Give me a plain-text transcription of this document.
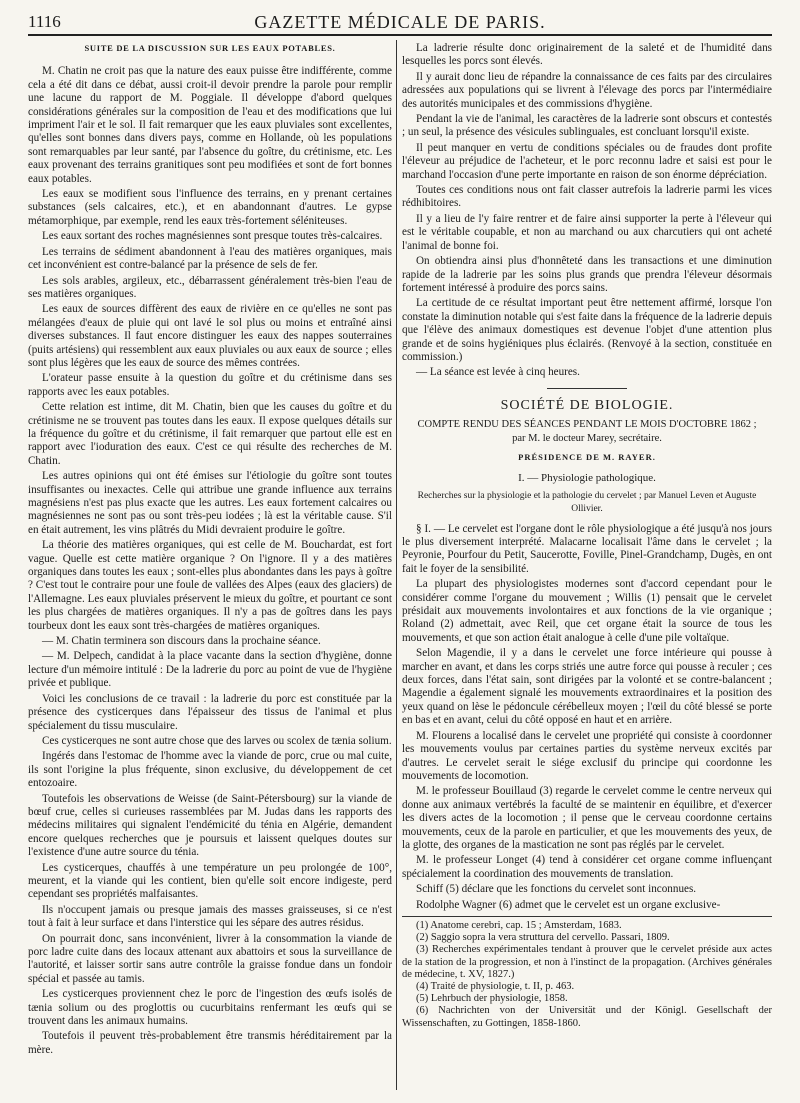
1116	GAZETTE MÉDICALE DE PARIS.
SUITE DE LA DISCUSSION SUR LES EAUX POTABLES.

M. Chatin ne croit pas que la nature des eaux puisse être indifférente, comme cela a été dit dans ce débat, aussi croit-il devoir prendre la parole pour remplir une lacune du rapport de M. Poggiale. Il développe d'abord quelques considérations générales sur la composition de l'eau et des modifications que lui impriment l'air et le sol. Il fait remarquer que les eaux pluviales sont excellentes, qu'elles sont bonnes dans divers pays, comme en Hollande, où les populations sont remarquables par leur santé, par l'absence du goître, du crétinisme, etc. Les eaux provenant des terrains granitiques sont peu modifiées et sont de fort bonnes eaux potables.

Les eaux se modifient sous l'influence des terrains, en y prenant certaines substances (sels calcaires, etc.), et en abandonnant d'autres. Le gypse métamorphique, par exemple, rend les eaux très-fortement séléniteuses.

Les eaux sortant des roches magnésiennes sont presque toutes très-calcaires.

Les terrains de sédiment abandonnent à l'eau des matières organiques, mais cet inconvénient est contre-balancé par la présence de sels de fer.

Les sols arables, argileux, etc., débarrassent généralement très-bien l'eau de ses matières organiques.

Les eaux de sources diffèrent des eaux de rivière en ce qu'elles ne sont pas mélangées d'eaux de pluie qui ont lavé le sol plus ou moins et entraîné ainsi diverses substances. Il faut encore distinguer les eaux des nappes souterraines (puits artésiens) qui ressemblent aux eaux pluviales ou aux eaux de source ; elles sont plus légères que les eaux de source des mêmes contrées.

L'orateur passe ensuite à la question du goître et du crétinisme dans ses rapports avec les eaux potables.

Cette relation est intime, dit M. Chatin, bien que les causes du goître et du crétinisme ne se trouvent pas toutes dans les eaux. Il expose quelques détails sur la fréquence du goître et du crétinisme, il fait remarquer que partout elle est en rapport avec l'ioduration des eaux. C'est ce qui résulte des recherches de M. Chatin.

Les autres opinions qui ont été émises sur l'étiologie du goître sont toutes insuffisantes ou inexactes. Celle qui attribue une grande influence aux terrains magnésiens n'est pas plus exacte que les autres. Les eaux fortement calcaires ou magnésiennes ne sont pas ou sont très-peu iodées ; là est la véritable cause. S'il en était autrement, les vins plâtrés du Midi devraient produire le goître.

La théorie des matières organiques, qui est celle de M. Bouchardat, est fort vague. Quelle est cette matière organique ? On l'ignore. Il y a des matières organiques dans toutes les eaux ; sont-elles plus abondantes dans les pays à goître ? C'est tout le contraire pour une foule de vallées des Alpes (eaux des glaciers) de l'Allemagne. Les eaux pluviales préservent le mieux du goître, et pourtant ce sont les plus chargées de matières organiques. Il n'y a pas de goîtres dans les pays tourbeux dont les eaux sont très-chargées de matières organiques.

— M. Chatin terminera son discours dans la prochaine séance.

— M. Delpech, candidat à la place vacante dans la section d'hygiène, donne lecture d'un mémoire intitulé : De la ladrerie du porc au point de vue de l'hygiène privée et publique.

Voici les conclusions de ce travail : la ladrerie du porc est constituée par la présence des cysticerques dans l'épaisseur des tissus de l'animal et plus spécialement du tissu musculaire.

Ces cysticerques ne sont autre chose que des larves ou scolex de tænia solium.

Ingérés dans l'estomac de l'homme avec la viande de porc, crue ou mal cuite, ils sont l'origine la plus fréquente, sinon exclusive, du développement de cet entozoaire.

Toutefois les observations de Weisse (de Saint-Pétersbourg) sur la viande de bœuf crue, celles si curieuses rassemblées par M. Judas dans les rapports des médecins militaires qui signalent l'endémicité du ténia en Algérie, demandent encore quelques recherches que je poursuis et laissent quelques doutes sur l'existence d'une autre source du ténia.

Les cysticerques, chauffés à une température un peu prolongée de 100°, meurent, et la viande qui les contient, bien qu'elle soit encore indigeste, perd cependant ses propriétés malfaisantes.

Ils n'occupent jamais ou presque jamais des masses graisseuses, si ce n'est tout à fait à leur surface et dans l'interstice qui les sépare des autres résidus.

On pourrait donc, sans inconvénient, livrer à la consommation la viande de porc ladre cuite dans des locaux attenant aux abattoirs et sous la surveillance de l'autorité, et laisser sortir sans autre contrôle la graisse fondue dans un fondoir spécial et passée au tamis.

Les cysticerques proviennent chez le porc de l'ingestion des œufs isolés de tænia solium ou des proglottis ou cucurbitains renfermant les œufs qui se trouvent dans les animaux humains.

Toutefois il peuvent très-probablement être transmis héréditairement par la mère.

La ladrerie résulte donc originairement de la saleté et de l'humidité dans lesquelles les porcs sont élevés.

Il y aurait donc lieu de répandre la connaissance de ces faits par des circulaires adressées aux populations qui se livrent à l'élevage des porcs par l'intermédiaire des autorités municipales et des commissions d'hygiène.

Pendant la vie de l'animal, les caractères de la ladrerie sont obscurs et contestés ; un seul, la présence des vésicules sublinguales, est concluant lorsqu'il existe.

Il peut manquer en vertu de conditions spéciales ou de fraudes dont profite l'éleveur au préjudice de l'acheteur, et le porc reconnu ladre et saisi est pour le marchand l'occasion d'une perte importante en raison de son énorme dépréciation.

Toutes ces conditions nous ont fait classer autrefois la ladrerie parmi les vices rédhibitoires.

Il y a lieu de l'y faire rentrer et de faire ainsi supporter la perte à l'éleveur qui est le véritable coupable, et non au marchand ou aux charcutiers qui ont acheté l'animal de bonne foi.

On obtiendra ainsi plus d'honnêteté dans les transactions et une diminution rapide de la ladrerie par les soins plus grands que prendra l'éleveur désormais fortement intéressé à produire des porcs sains.

La certitude de ce résultat important peut être nettement affirmé, lorsque l'on constate la diminution notable qui s'est faite dans la fréquence de la ladrerie depuis que l'élève des animaux domestiques est devenue l'objet d'une attention plus grande et de soins hygiéniques plus éclairés. (Renvoyé à la section, constituée en commission.)

— La séance est levée à cinq heures.

SOCIÉTÉ DE BIOLOGIE.
COMPTE RENDU DES SÉANCES PENDANT LE MOIS D'OCTOBRE 1862 ;
par M. le docteur Marey, secrétaire.
PRÉSIDENCE DE M. RAYER.
I. — Physiologie pathologique.
Recherches sur la physiologie et la pathologie du cervelet ; par Manuel Leven et Auguste Ollivier.

§ I. — Le cervelet est l'organe dont le rôle physiologique a été jusqu'à nos jours le plus diversement interprété. Malacarne localisait l'âme dans le cervelet ; la Peyronie, Pourfour du Petit, Saucerotte, Foville, Pinel-Grandchamp, Dugès, en ont fait le foyer de la sensibilité.

La plupart des physiologistes modernes sont d'accord cependant pour le considérer comme l'organe du mouvement ; Willis (1) pensait que le cervelet présidait aux mouvements involontaires et aux fonctions de la vie organique ; Roland (2) admettait, avec Reil, que cet organe était la source de tous les mouvements, et que son action était analogue à celle d'une pile voltaïque.

Selon Magendie, il y a dans le cervelet une force intérieure qui pousse à marcher en avant, et dans les corps striés une autre force qui pousse à reculer ; ces deux forces, dans l'état sain, sont dirigées par la volonté et se contre-balancent ; Magendie a également signalé les mouvements extraordinaires et la position des yeux quand on lèse le pédoncule cérébelleux moyen ; l'œil du côté blessé se porte en bas et en avant, celui du côté opposé en haut et en arrière.

M. Flourens a localisé dans le cervelet une propriété qui consiste à coordonner les mouvements voulus par certaines parties du système nerveux excités par d'autres. Le cervelet serait le siége exclusif du principe qui coordonne les mouvements de locomotion.

M. le professeur Bouillaud (3) regarde le cervelet comme le centre nerveux qui donne aux animaux vertébrés la faculté de se maintenir en équilibre, et d'exercer les divers actes de la locomotion ; il pense que le cerveau coordonne certains mouvements, ceux de la parole en particulier, et que les mouvements des yeux, de la glotte, des organes de la mastication ne sont pas réglés par le cervelet.

M. le professeur Longet (4) tend à considérer cet organe comme influençant spécialement la coordination des mouvements de translation.

Schiff (5) déclare que les fonctions du cervelet sont inconnues.

Rodolphe Wagner (6) admet que le cervelet est un organe exclusive-

(1) Anatome cerebri, cap. 15 ; Amsterdam, 1683.
(2) Saggio sopra la vera struttura del cervello. Passari, 1809.
(3) Recherches expérimentales tendant à prouver que le cervelet préside aux actes de la station de la progression, et non à l'instinct de la propagation. (Archives générales de médecine, t. XV, 1827.)
(4) Traité de physiologie, t. II, p. 463.
(5) Lehrbuch der physiologie, 1858.
(6) Nachrichten von der Universität und der Königl. Gesellschaft der Wissenschaften, zu Gottingen, 1858-1860.
